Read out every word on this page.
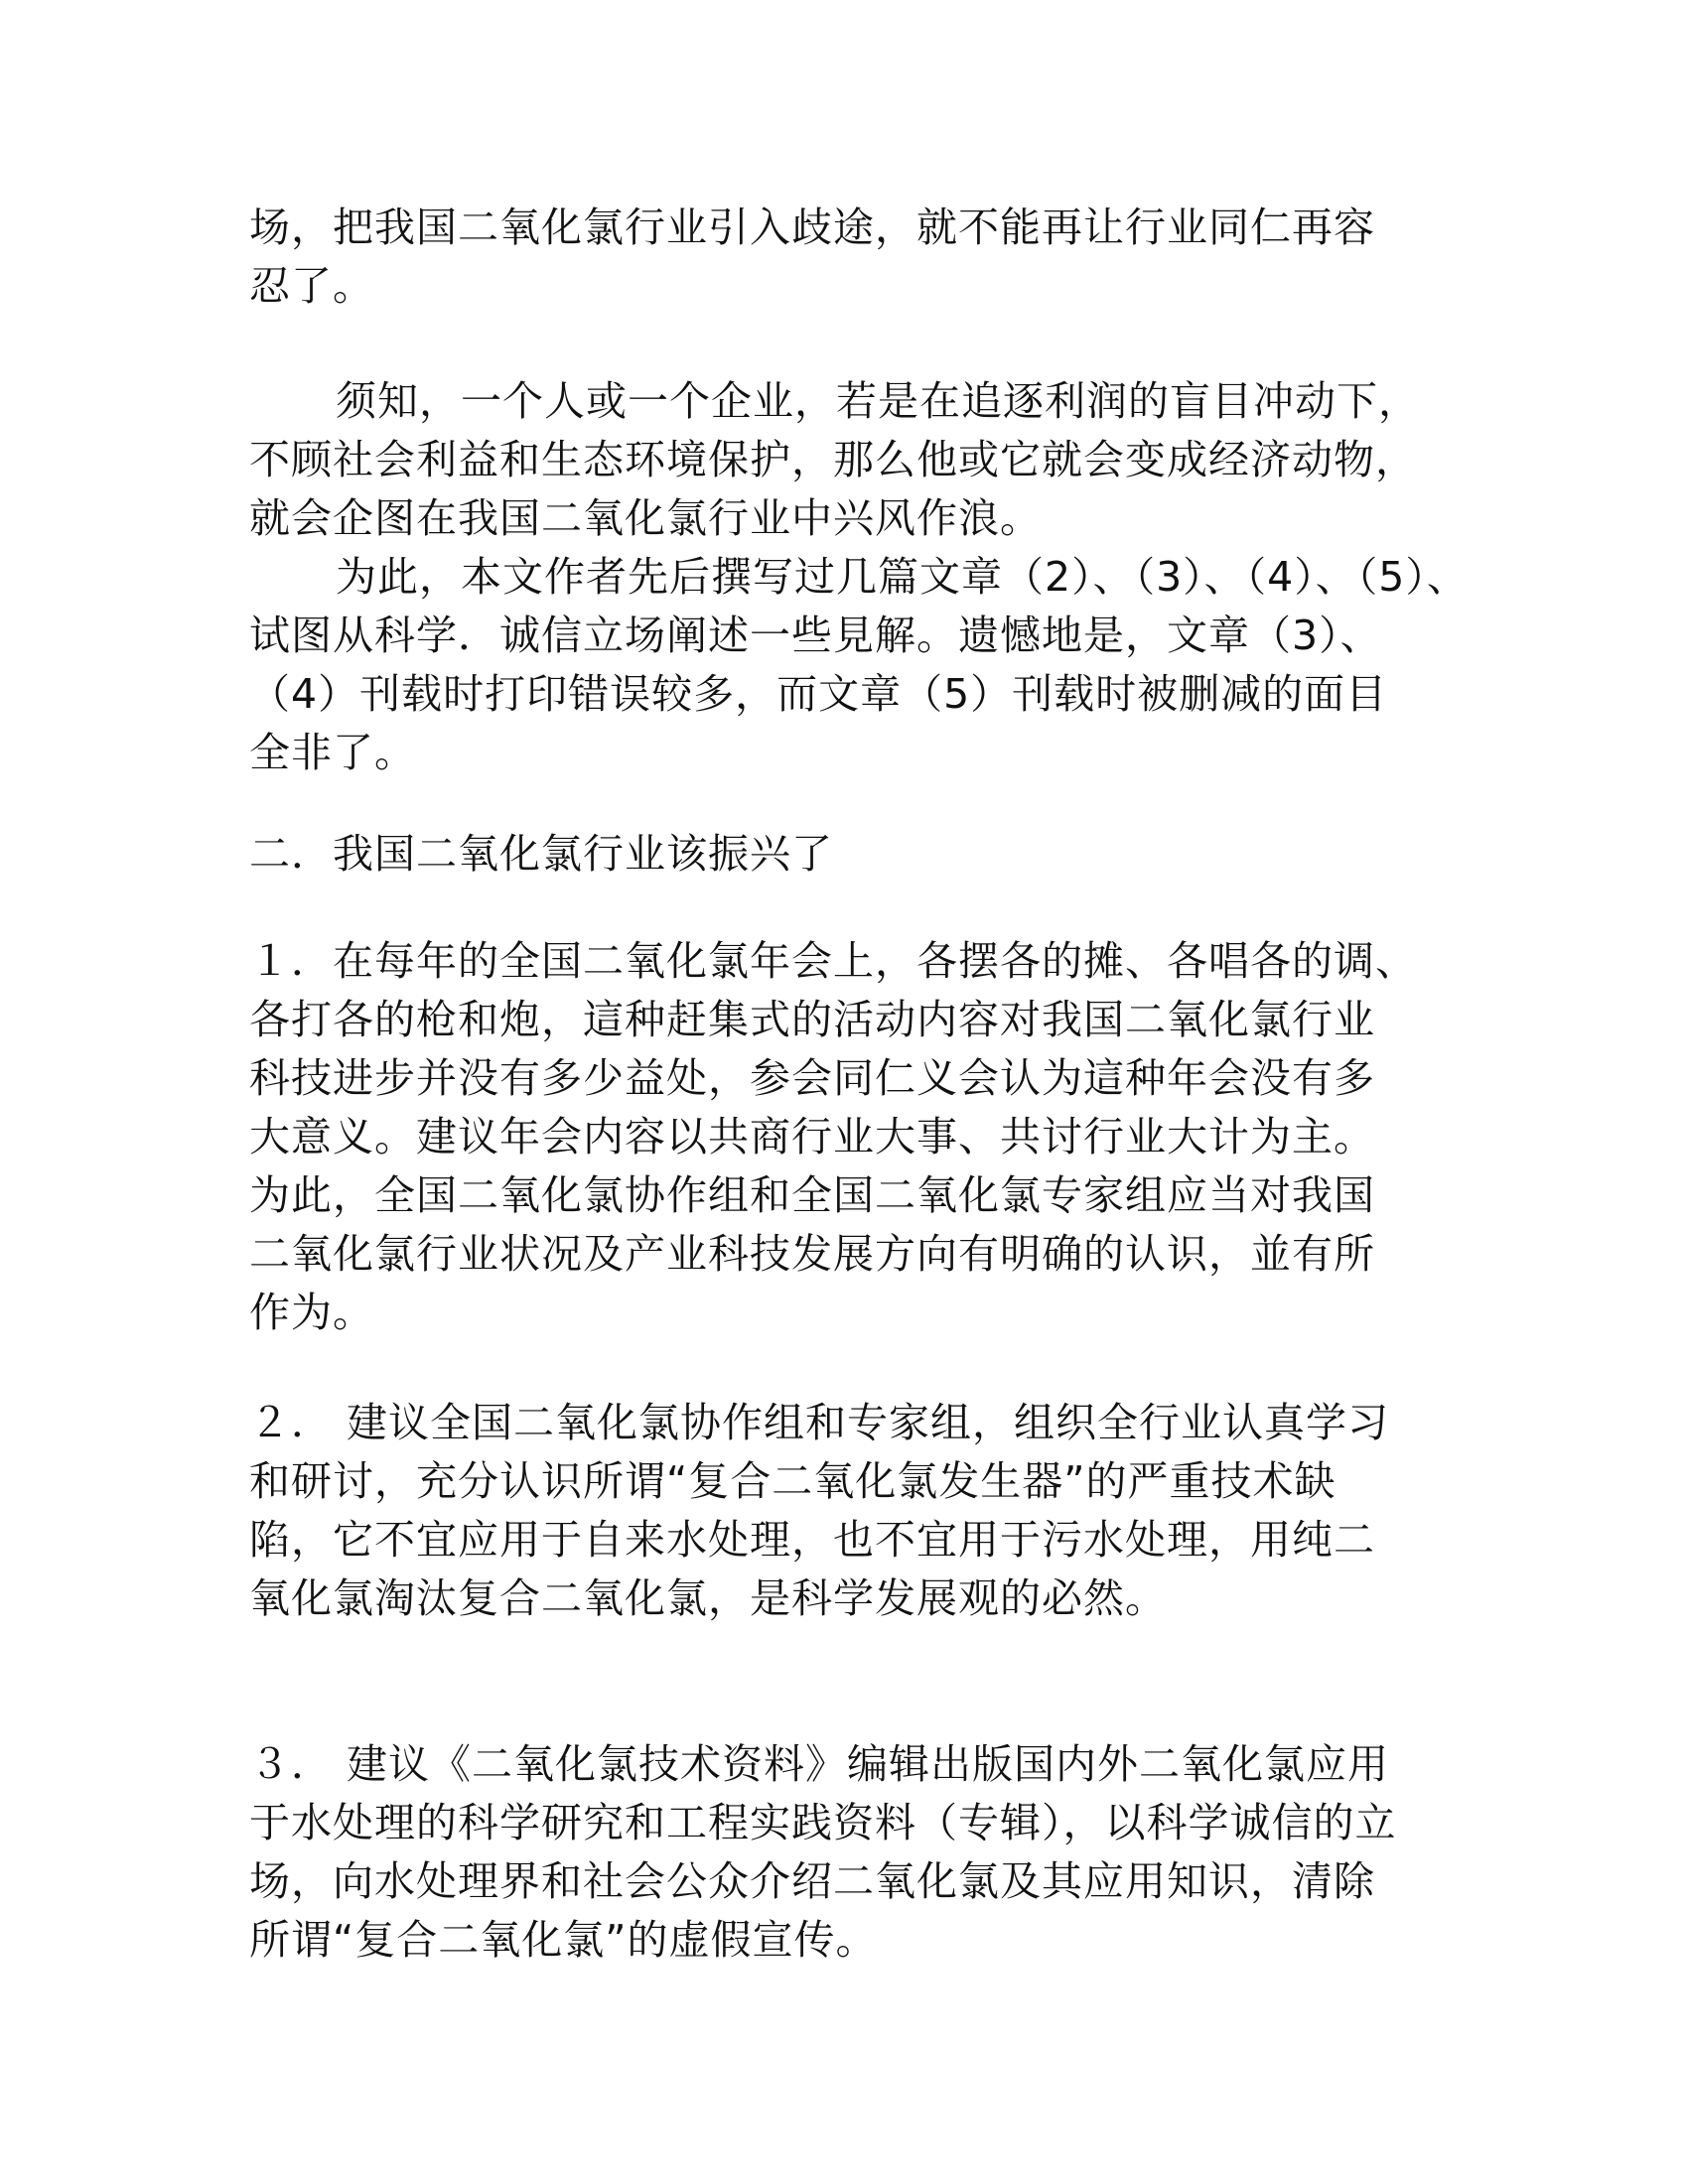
场，把我国二氧化氯行业引入歧途，就不能再让行业同仁再容
忍了。
须知，一个人或一个企业，若是在追逐利润的盲目冲动下，
不顾社会利益和生态环境保护，那么他或它就会变成经济动物，
就会企图在我国二氧化氯行业中兴风作浪。
为此，本文作者先后撰写过几篇文章（2）、（3）、（4）、（5）、
试图从科学．诚信立场阐述一些見解。遗憾地是，文章（3）、
（4）刊载时打印错误较多，而文章（5）刊载时被删减的面目
全非了。
二．我国二氧化氯行业该振兴了
１．在每年的全国二氧化氯年会上，各摆各的摊、各唱各的调、
各打各的枪和炮，這种赶集式的活动内容对我国二氧化氯行业
科技进步并没有多少益处，参会同仁义会认为這种年会没有多
大意义。建议年会内容以共商行业大事、共讨行业大计为主。
为此，全国二氧化氯协作组和全国二氧化氯专家组应当对我国
二氧化氯行业状况及产业科技发展方向有明确的认识，並有所
作为。
２． 建议全国二氧化氯协作组和专家组，组织全行业认真学习
和研讨，充分认识所谓“复合二氧化氯发生器”的严重技术缺
陷，它不宜应用于自来水处理，也不宜用于污水处理，用纯二
氧化氯淘汰复合二氧化氯，是科学发展观的必然。
３． 建议《二氧化氯技术资料》编辑出版国内外二氧化氯应用
于水处理的科学研究和工程实践资料（专辑），以科学诚信的立
场，向水处理界和社会公众介绍二氧化氯及其应用知识，清除
所谓“复合二氧化氯”的虚假宣传。
